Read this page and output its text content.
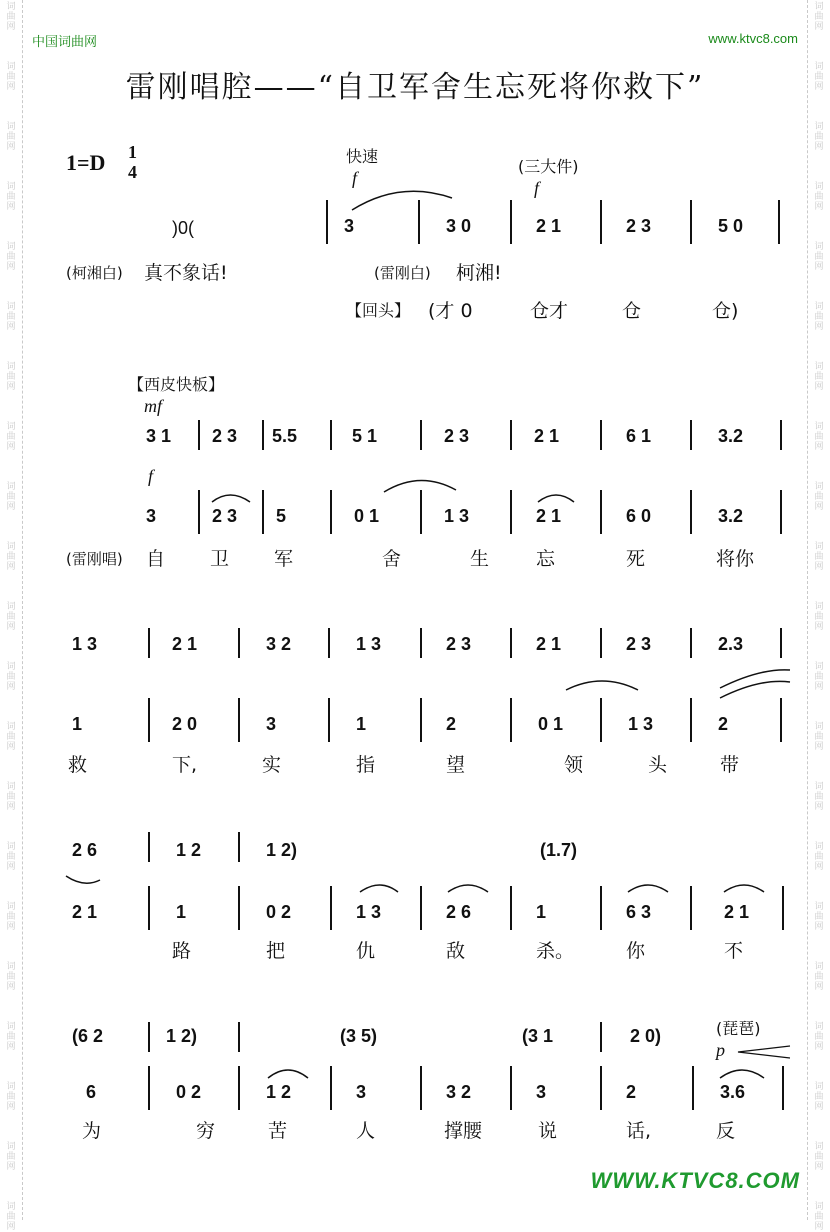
词
曲
网
词
曲
网
词
曲
网
词
曲
网
词
曲
网
词
曲
网
词
曲
网
词
曲
网
词
曲
网
词
曲
网
词
曲
网
词
曲
网
词
曲
网
词
曲
网
词
曲
网
词
曲
网
词
曲
网
词
曲
网
词
曲
网
词
曲
网
词
曲
网
词
曲
网
词
曲
网
词
曲
网
词
曲
网
词
曲
网
词
曲
网
词
曲
网
词
曲
网
词
曲
网
词
曲
网
词
曲
网
词
曲
网
词
曲
网
词
曲
网
词
曲
网
词
曲
网
词
曲
网
词
曲
网
词
曲
网
词
曲
网
词
曲
网
中国词曲网	www.ktvc8.com
雷刚唱腔——“自卫军舍生忘死将你救下”
1=D 1
4
快速
f
(三大件)
f
)0(	3	3 0	2 1	2 3	5 0
(柯湘白) 真不象话!	(雷刚白) 柯湘!
【回头】 (才 0	仓才	仓	仓)
【西皮快板】
mf
f
(雷刚唱)
3 1 2 3 5.5	5 1	2 3	2 1	6 1	3.2
3	2 3 5	0 1	1 3	2 1	6 0	3.2
自 卫 军	舍	生 忘	死	将你
1 3	2 1	3 2	1 3	2 3	2 1	2 3	2.3
1	2 0	3	1	2	0 1	1 3	2
救	下,	实	指	望	领	头	带
2 6	1 2	1 2)	(1.7)
2 1	1	0 2	1 3	2 6	1	6 3	2 1
路	把	仇	敌	杀。	你	不
(琵琶)
p
(6 2	1 2)	(3 5)	(3 1	2 0)
6	0 2	1 2	3	3 2	3	2	3.6
为	穷	苦	人	撑腰	说	话,	反
WWW.KTVC8.COM
